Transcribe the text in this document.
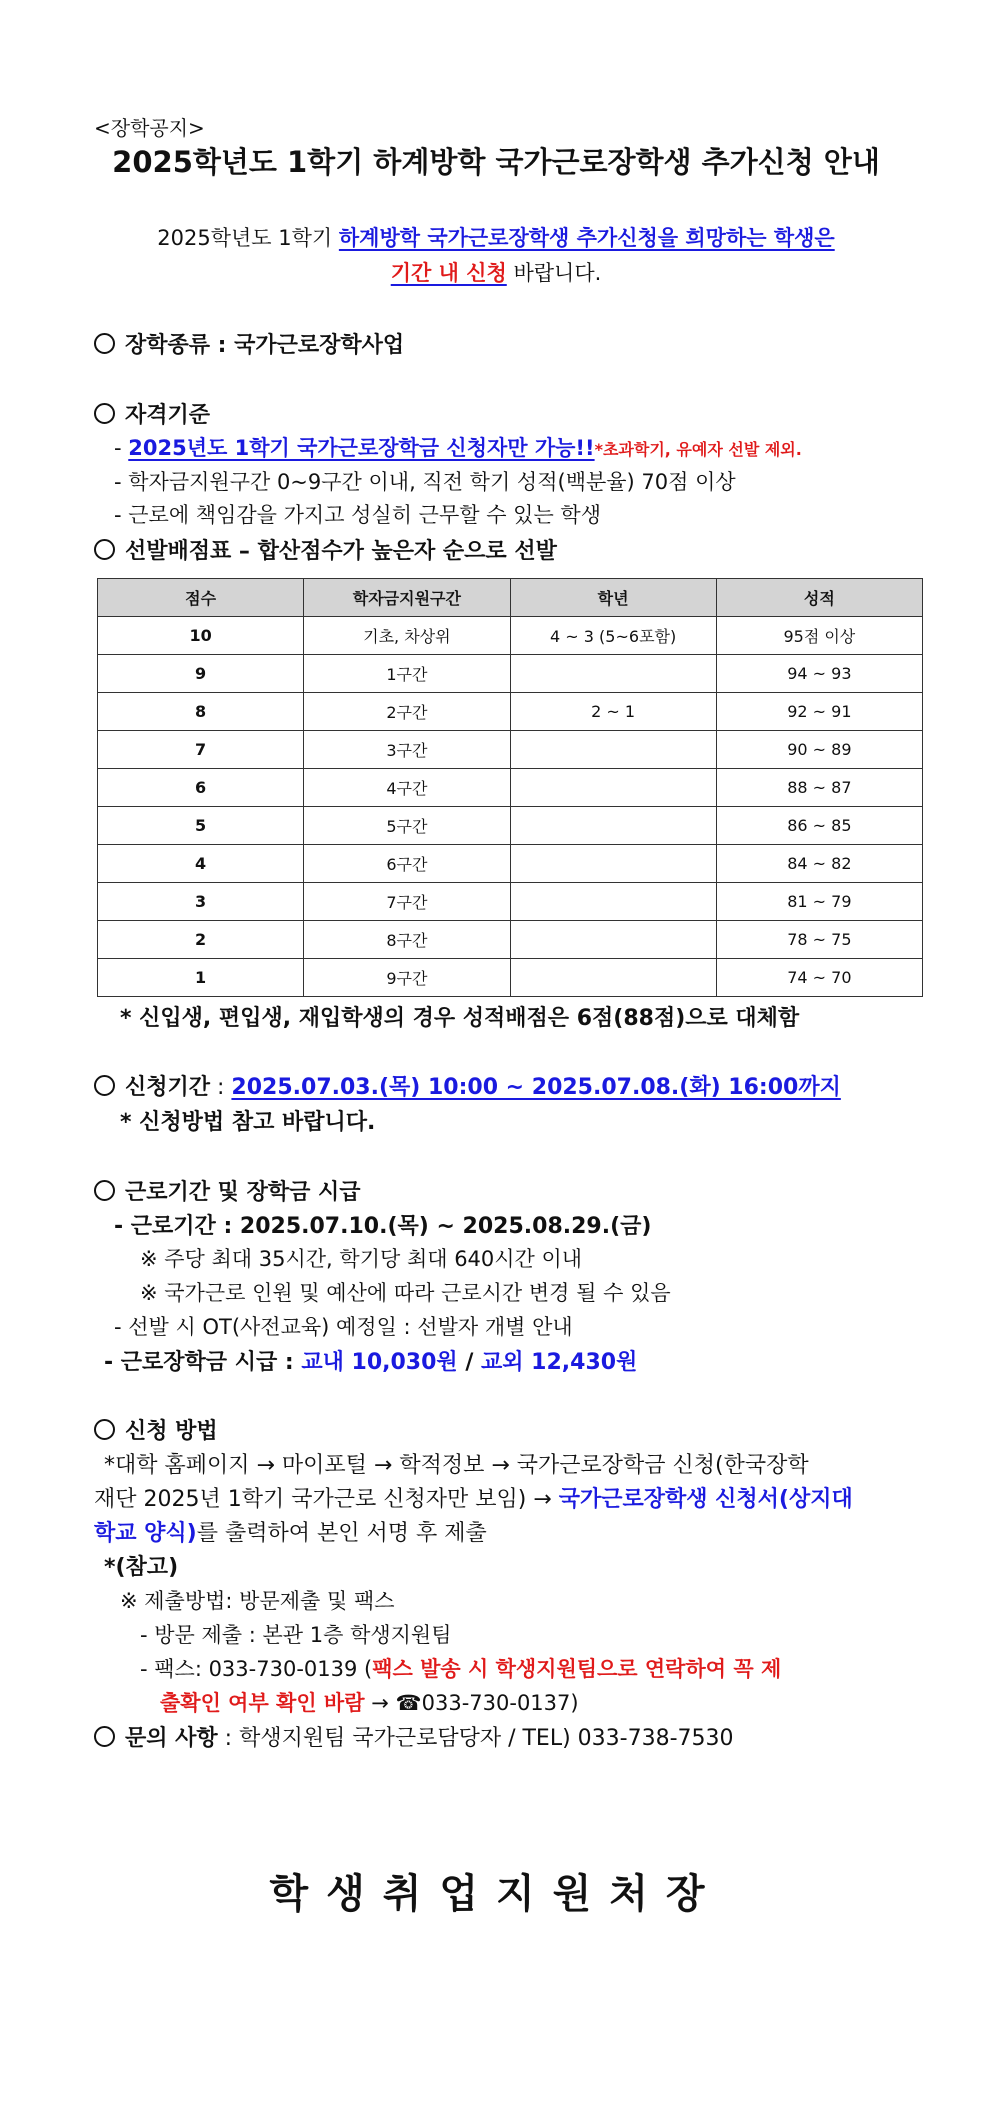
<장학공지>
2025학년도 1학기 하계방학 국가근로장학생 추가신청 안내
2025학년도 1학기 하계방학 국가근로장학생 추가신청을 희망하는 학생은
기간 내 신청 바랍니다.
장학종류 : 국가근로장학사업
자격기준
- 2025년도 1학기 국가근로장학금 신청자만 가능!!*초과학기, 유예자 선발 제외.
- 학자금지원구간 0~9구간 이내, 직전 학기 성적(백분율) 70점 이상
- 근로에 책임감을 가지고 성실히 근무할 수 있는 학생
선발배점표 – 합산점수가 높은자 순으로 선발
점수	학자금지원구간	학년	성적
10	기초, 차상위	4 ~ 3 (5~6포함)	95점 이상
9	1구간		94 ~ 93
8	2구간	2 ~ 1	92 ~ 91
7	3구간		90 ~ 89
6	4구간		88 ~ 87
5	5구간		86 ~ 85
4	6구간		84 ~ 82
3	7구간		81 ~ 79
2	8구간		78 ~ 75
1	9구간		74 ~ 70
* 신입생, 편입생, 재입학생의 경우 성적배점은 6점(88점)으로 대체함
신청기간 : 2025.07.03.(목) 10:00 ~ 2025.07.08.(화) 16:00까지
* 신청방법 참고 바랍니다.
근로기간 및 장학금 시급
- 근로기간 : 2025.07.10.(목) ~ 2025.08.29.(금)
※ 주당 최대 35시간, 학기당 최대 640시간 이내
※ 국가근로 인원 및 예산에 따라 근로시간 변경 될 수 있음
- 선발 시 OT(사전교육) 예정일 : 선발자 개별 안내
- 근로장학금 시급 : 교내 10,030원 / 교외 12,430원
신청 방법
*대학 홈페이지 → 마이포털 → 학적정보 → 국가근로장학금 신청(한국장학
재단 2025년 1학기 국가근로 신청자만 보임) → 국가근로장학생 신청서(상지대
학교 양식)를 출력하여 본인 서명 후 제출
*(참고)
※ 제출방법: 방문제출 및 팩스
- 방문 제출 : 본관 1층 학생지원팀
- 팩스: 033-730-0139 (팩스 발송 시 학생지원팀으로 연락하여 꼭 제
출확인 여부 확인 바람 → ☎033-730-0137)
문의 사항 : 학생지원팀 국가근로담당자 / TEL) 033-738-7530
학생취업지원처장
